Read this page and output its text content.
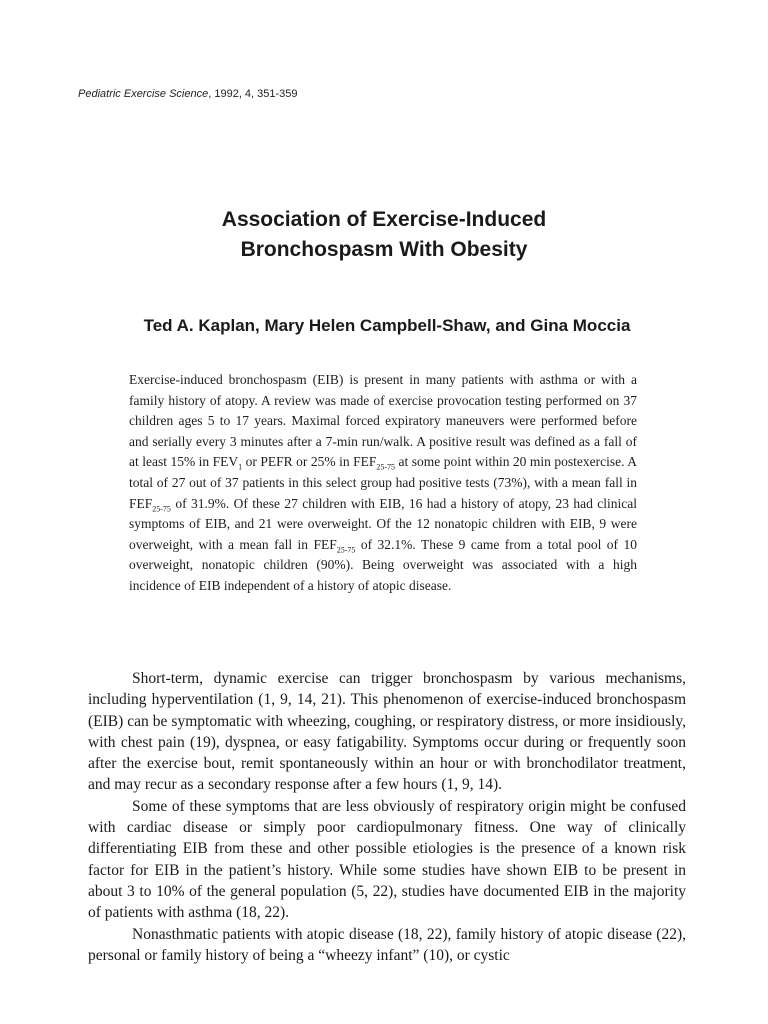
Pediatric Exercise Science, 1992, 4, 351-359
Association of Exercise-Induced
Bronchospasm With Obesity
Ted A. Kaplan, Mary Helen Campbell-Shaw, and Gina Moccia

Exercise-induced bronchospasm (EIB) is present in many patients with asthma or with a family history of atopy. A review was made of exercise provocation testing performed on 37 children ages 5 to 17 years. Maximal forced expiratory maneuvers were performed before and serially every 3 minutes after a 7-min run/walk. A positive result was defined as a fall of at least 15% in $FEV_1$ or PEFR or 25% in $FEF_{25-75}$ at some point within 20 min postexercise. A total of 27 out of 37 patients in this select group had positive tests (73%), with a mean fall in $FEF_{25-75}$ of 31.9%. Of these 27 children with EIB, 16 had a history of atopy, 23 had clinical symptoms of EIB, and 21 were overweight. Of the 12 nonatopic children with EIB, 9 were overweight, with a mean fall in $FEF_{25-75}$ of 32.1%. These 9 came from a total pool of 10 overweight, nonatopic children (90%). Being overweight was associated with a high incidence of EIB independent of a history of atopic disease.

Short-term, dynamic exercise can trigger bronchospasm by various mechanisms, including hyperventilation (1, 9, 14, 21). This phenomenon of exercise-induced bronchospasm (EIB) can be symptomatic with wheezing, coughing, or respiratory distress, or more insidiously, with chest pain (19), dyspnea, or easy fatigability. Symptoms occur during or frequently soon after the exercise bout, remit spontaneously within an hour or with bronchodilator treatment, and may recur as a secondary response after a few hours (1, 9, 14).

Some of these symptoms that are less obviously of respiratory origin might be confused with cardiac disease or simply poor cardiopulmonary fitness. One way of clinically differentiating EIB from these and other possible etiologies is the presence of a known risk factor for EIB in the patient’s history. While some studies have shown EIB to be present in about 3 to 10% of the general population (5, 22), studies have documented EIB in the majority of patients with asthma (18, 22).

Nonasthmatic patients with atopic disease (18, 22), family history of atopic disease (22), personal or family history of being a “wheezy infant” (10), or cystic
